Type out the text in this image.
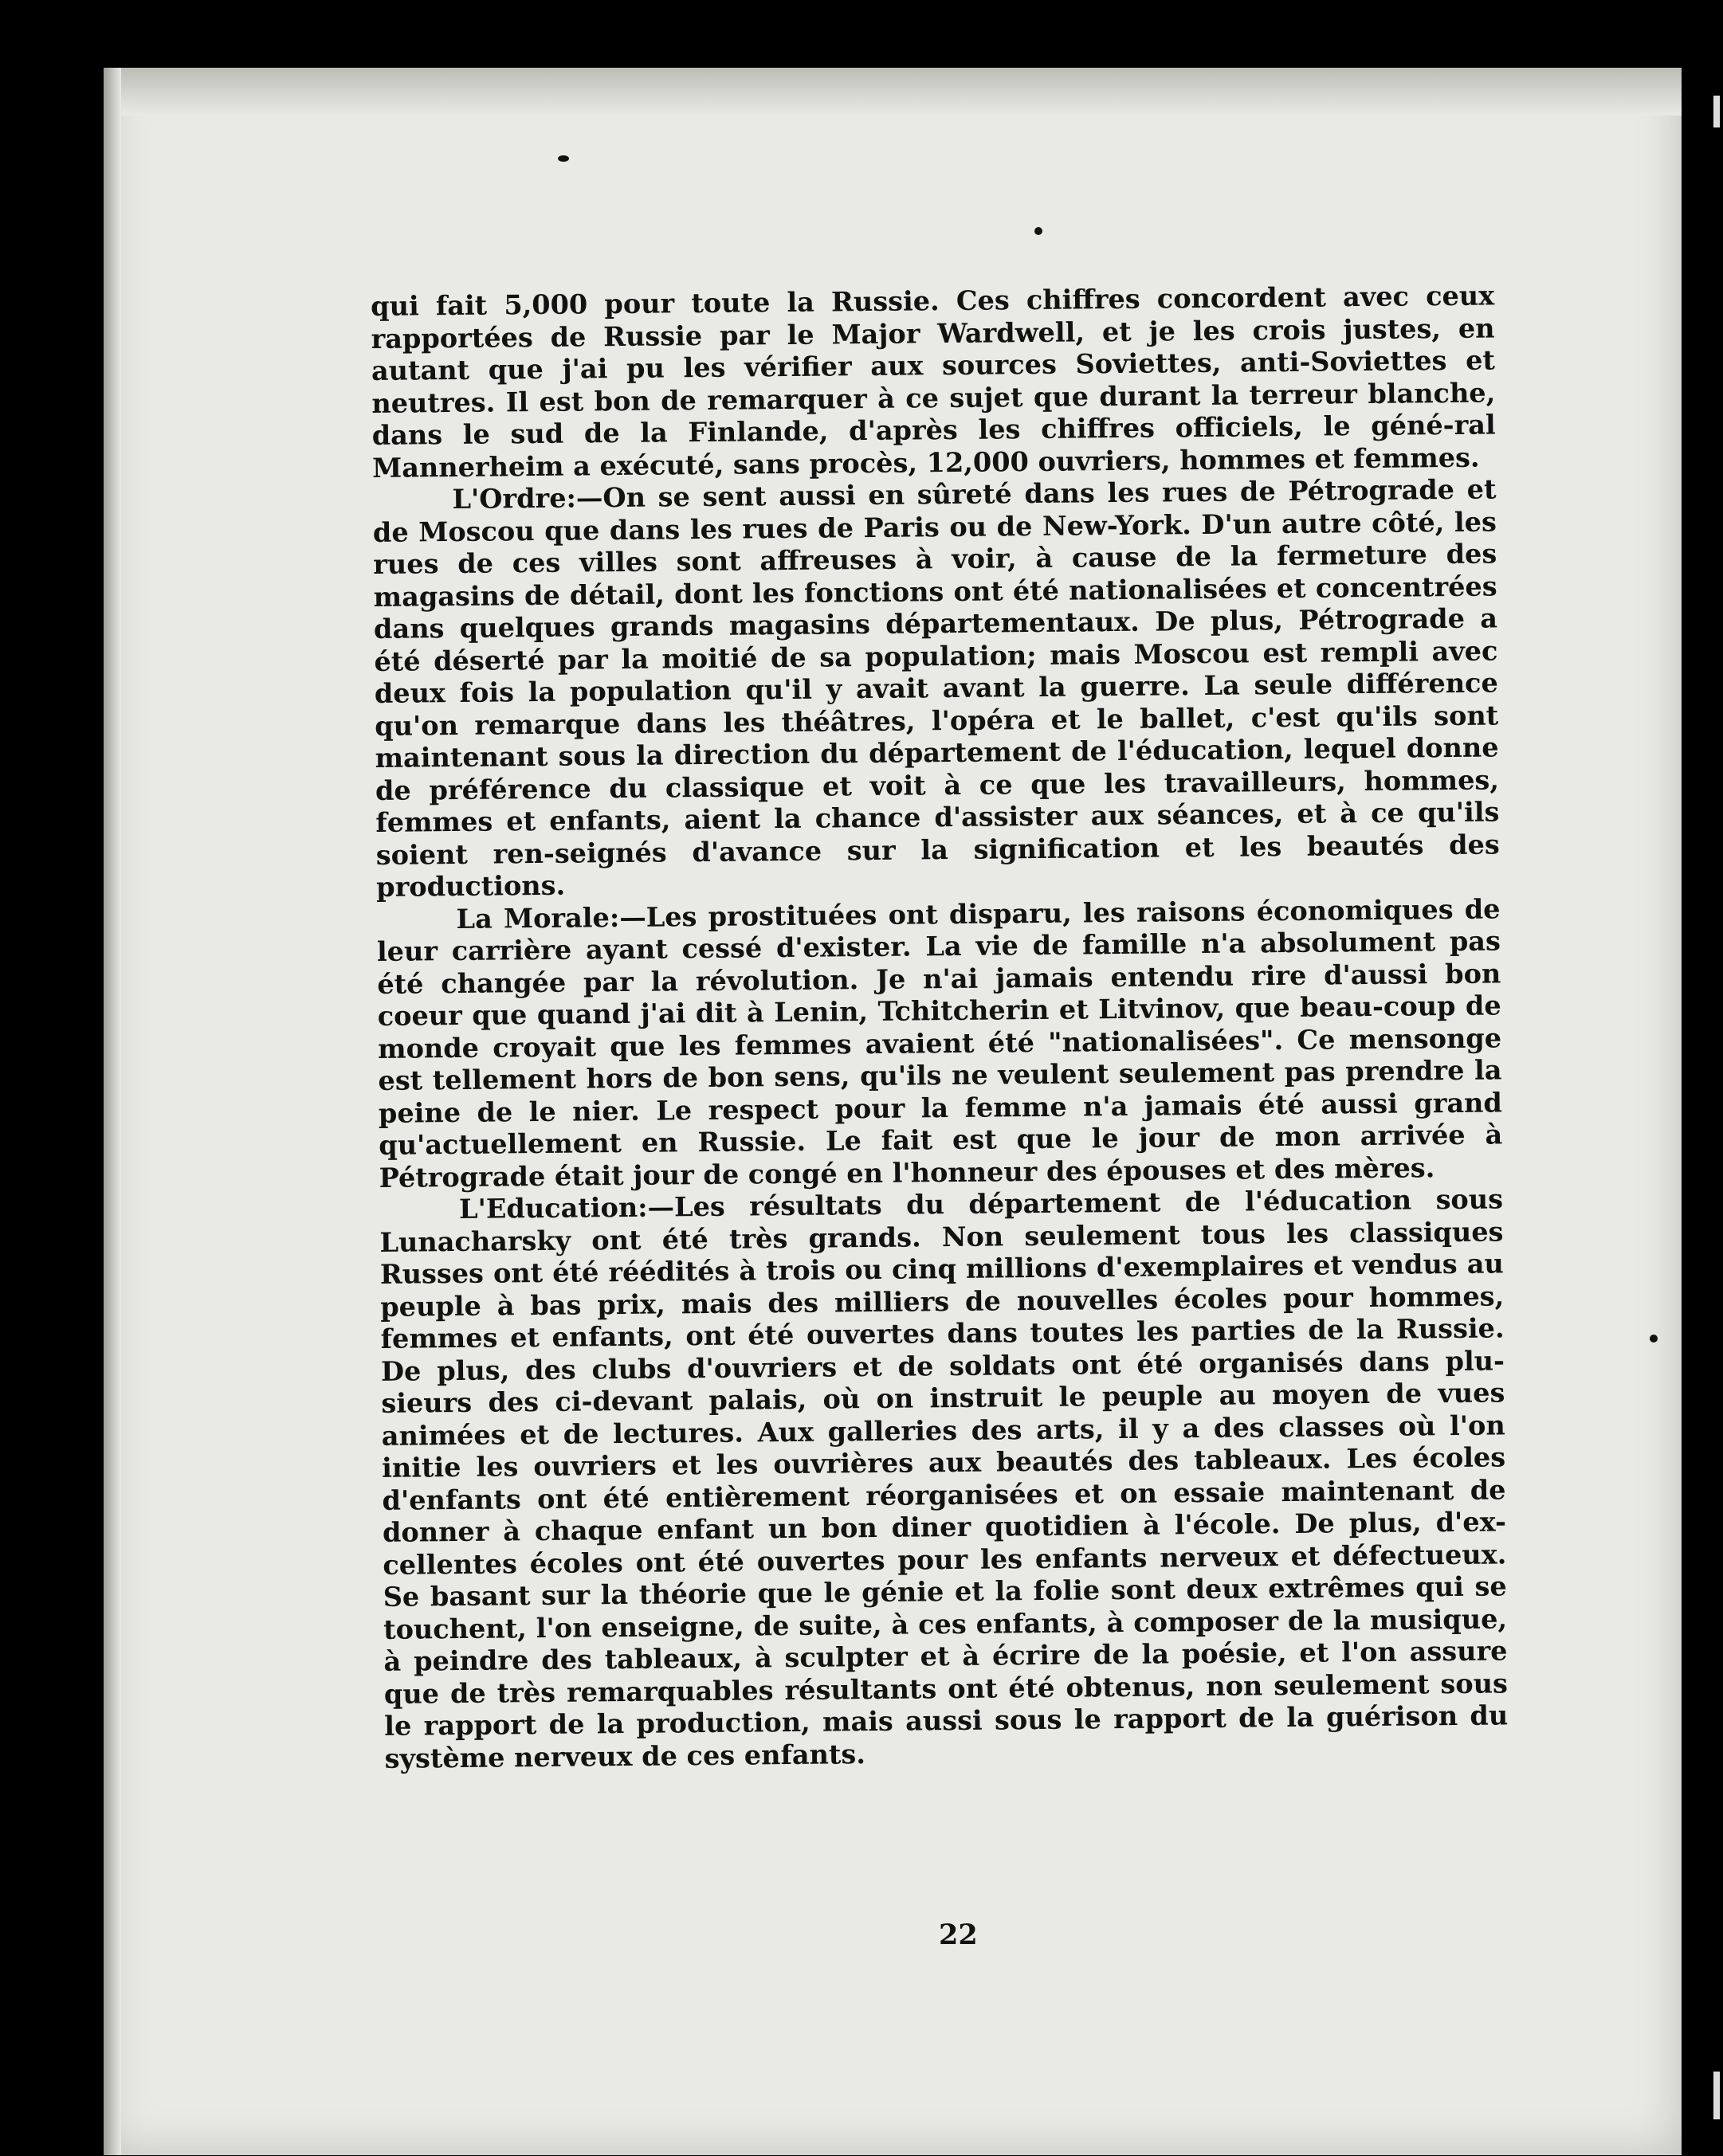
qui fait 5,000 pour toute la Russie. Ces chiffres concordent avec ceux rapportées de Russie par le Major Wardwell, et je les crois justes, en autant que j'ai pu les vérifier aux sources Soviettes, anti-Soviettes et neutres. Il est bon de remarquer à ce sujet que durant la terreur blanche, dans le sud de la Finlande, d'après les chiffres officiels, le géné-ral Mannerheim a exécuté, sans procès, 12,000 ouvriers, hommes et femmes.

L'Ordre:—On se sent aussi en sûreté dans les rues de Pétrograde et de Moscou que dans les rues de Paris ou de New-York. D'un autre côté, les rues de ces villes sont affreuses à voir, à cause de la fermeture des magasins de détail, dont les fonctions ont été nationalisées et concentrées dans quelques grands magasins départementaux. De plus, Pétrograde a été déserté par la moitié de sa population; mais Moscou est rempli avec deux fois la population qu'il y avait avant la guerre. La seule différence qu'on remarque dans les théâtres, l'opéra et le ballet, c'est qu'ils sont maintenant sous la direction du département de l'éducation, lequel donne de préférence du classique et voit à ce que les travailleurs, hommes, femmes et enfants, aient la chance d'assister aux séances, et à ce qu'ils soient ren-seignés d'avance sur la signification et les beautés des productions.

La Morale:—Les prostituées ont disparu, les raisons économiques de leur carrière ayant cessé d'exister. La vie de famille n'a absolument pas été changée par la révolution. Je n'ai jamais entendu rire d'aussi bon coeur que quand j'ai dit à Lenin, Tchitcherin et Litvinov, que beau-coup de monde croyait que les femmes avaient été "nationalisées". Ce mensonge est tellement hors de bon sens, qu'ils ne veulent seulement pas prendre la peine de le nier. Le respect pour la femme n'a jamais été aussi grand qu'actuellement en Russie. Le fait est que le jour de mon arrivée à Pétrograde était jour de congé en l'honneur des épouses et des mères.

L'Education:—Les résultats du département de l'éducation sous Lunacharsky ont été très grands. Non seulement tous les classiques Russes ont été réédités à trois ou cinq millions d'exemplaires et vendus au peuple à bas prix, mais des milliers de nouvelles écoles pour hommes, femmes et enfants, ont été ouvertes dans toutes les parties de la Russie. De plus, des clubs d'ouvriers et de soldats ont été organisés dans plu-sieurs des ci-devant palais, où on instruit le peuple au moyen de vues animées et de lectures. Aux galleries des arts, il y a des classes où l'on initie les ouvriers et les ouvrières aux beautés des tableaux. Les écoles d'enfants ont été entièrement réorganisées et on essaie maintenant de donner à chaque enfant un bon diner quotidien à l'école. De plus, d'ex-cellentes écoles ont été ouvertes pour les enfants nerveux et défectueux. Se basant sur la théorie que le génie et la folie sont deux extrêmes qui se touchent, l'on enseigne, de suite, à ces enfants, à composer de la musique, à peindre des tableaux, à sculpter et à écrire de la poésie, et l'on assure que de très remarquables résultants ont été obtenus, non seulement sous le rapport de la production, mais aussi sous le rapport de la guérison du système nerveux de ces enfants.

22
